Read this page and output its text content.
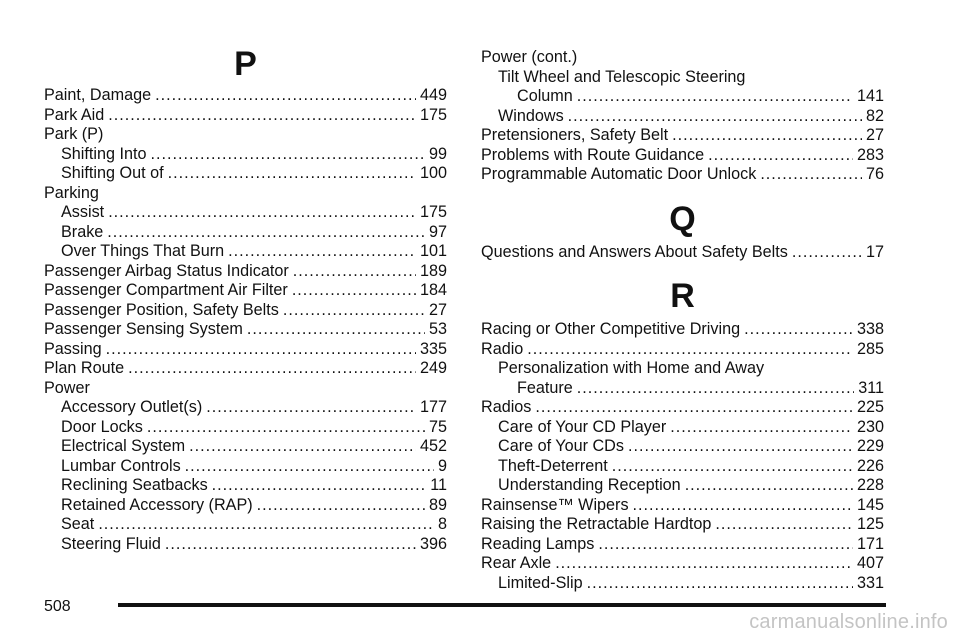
P
Paint, Damage .....	449
Park Aid .....	175
Park (P)
Shifting Into .....	99
Shifting Out of .....	100
Parking
Assist .....	175
Brake .....	97
Over Things That Burn .....	101
Passenger Airbag Status Indicator .....	189
Passenger Compartment Air Filter .....	184
Passenger Position, Safety Belts .....	27
Passenger Sensing System .....	53
Passing .....	335
Plan Route .....	249
Power
Accessory Outlet(s) .....	177
Door Locks .....	75
Electrical System .....	452
Lumbar Controls .....	9
Reclining Seatbacks .....	11
Retained Accessory (RAP) .....	89
Seat .....	8
Steering Fluid .....	396
Power (cont.)
Tilt Wheel and Telescopic Steering
Column .....	141
Windows .....	82
Pretensioners, Safety Belt .....	27
Problems with Route Guidance .....	283
Programmable Automatic Door Unlock .....	76
Q
Questions and Answers About Safety Belts .....	17
R
Racing or Other Competitive Driving .....	338
Radio .....	285
Personalization with Home and Away
Feature .....	311
Radios .....	225
Care of Your CD Player .....	230
Care of Your CDs .....	229
Theft-Deterrent .....	226
Understanding Reception .....	228
Rainsense™ Wipers .....	145
Raising the Retractable Hardtop .....	125
Reading Lamps .....	171
Rear Axle .....	407
Limited-Slip .....	331
508
carmanualsonline.info
